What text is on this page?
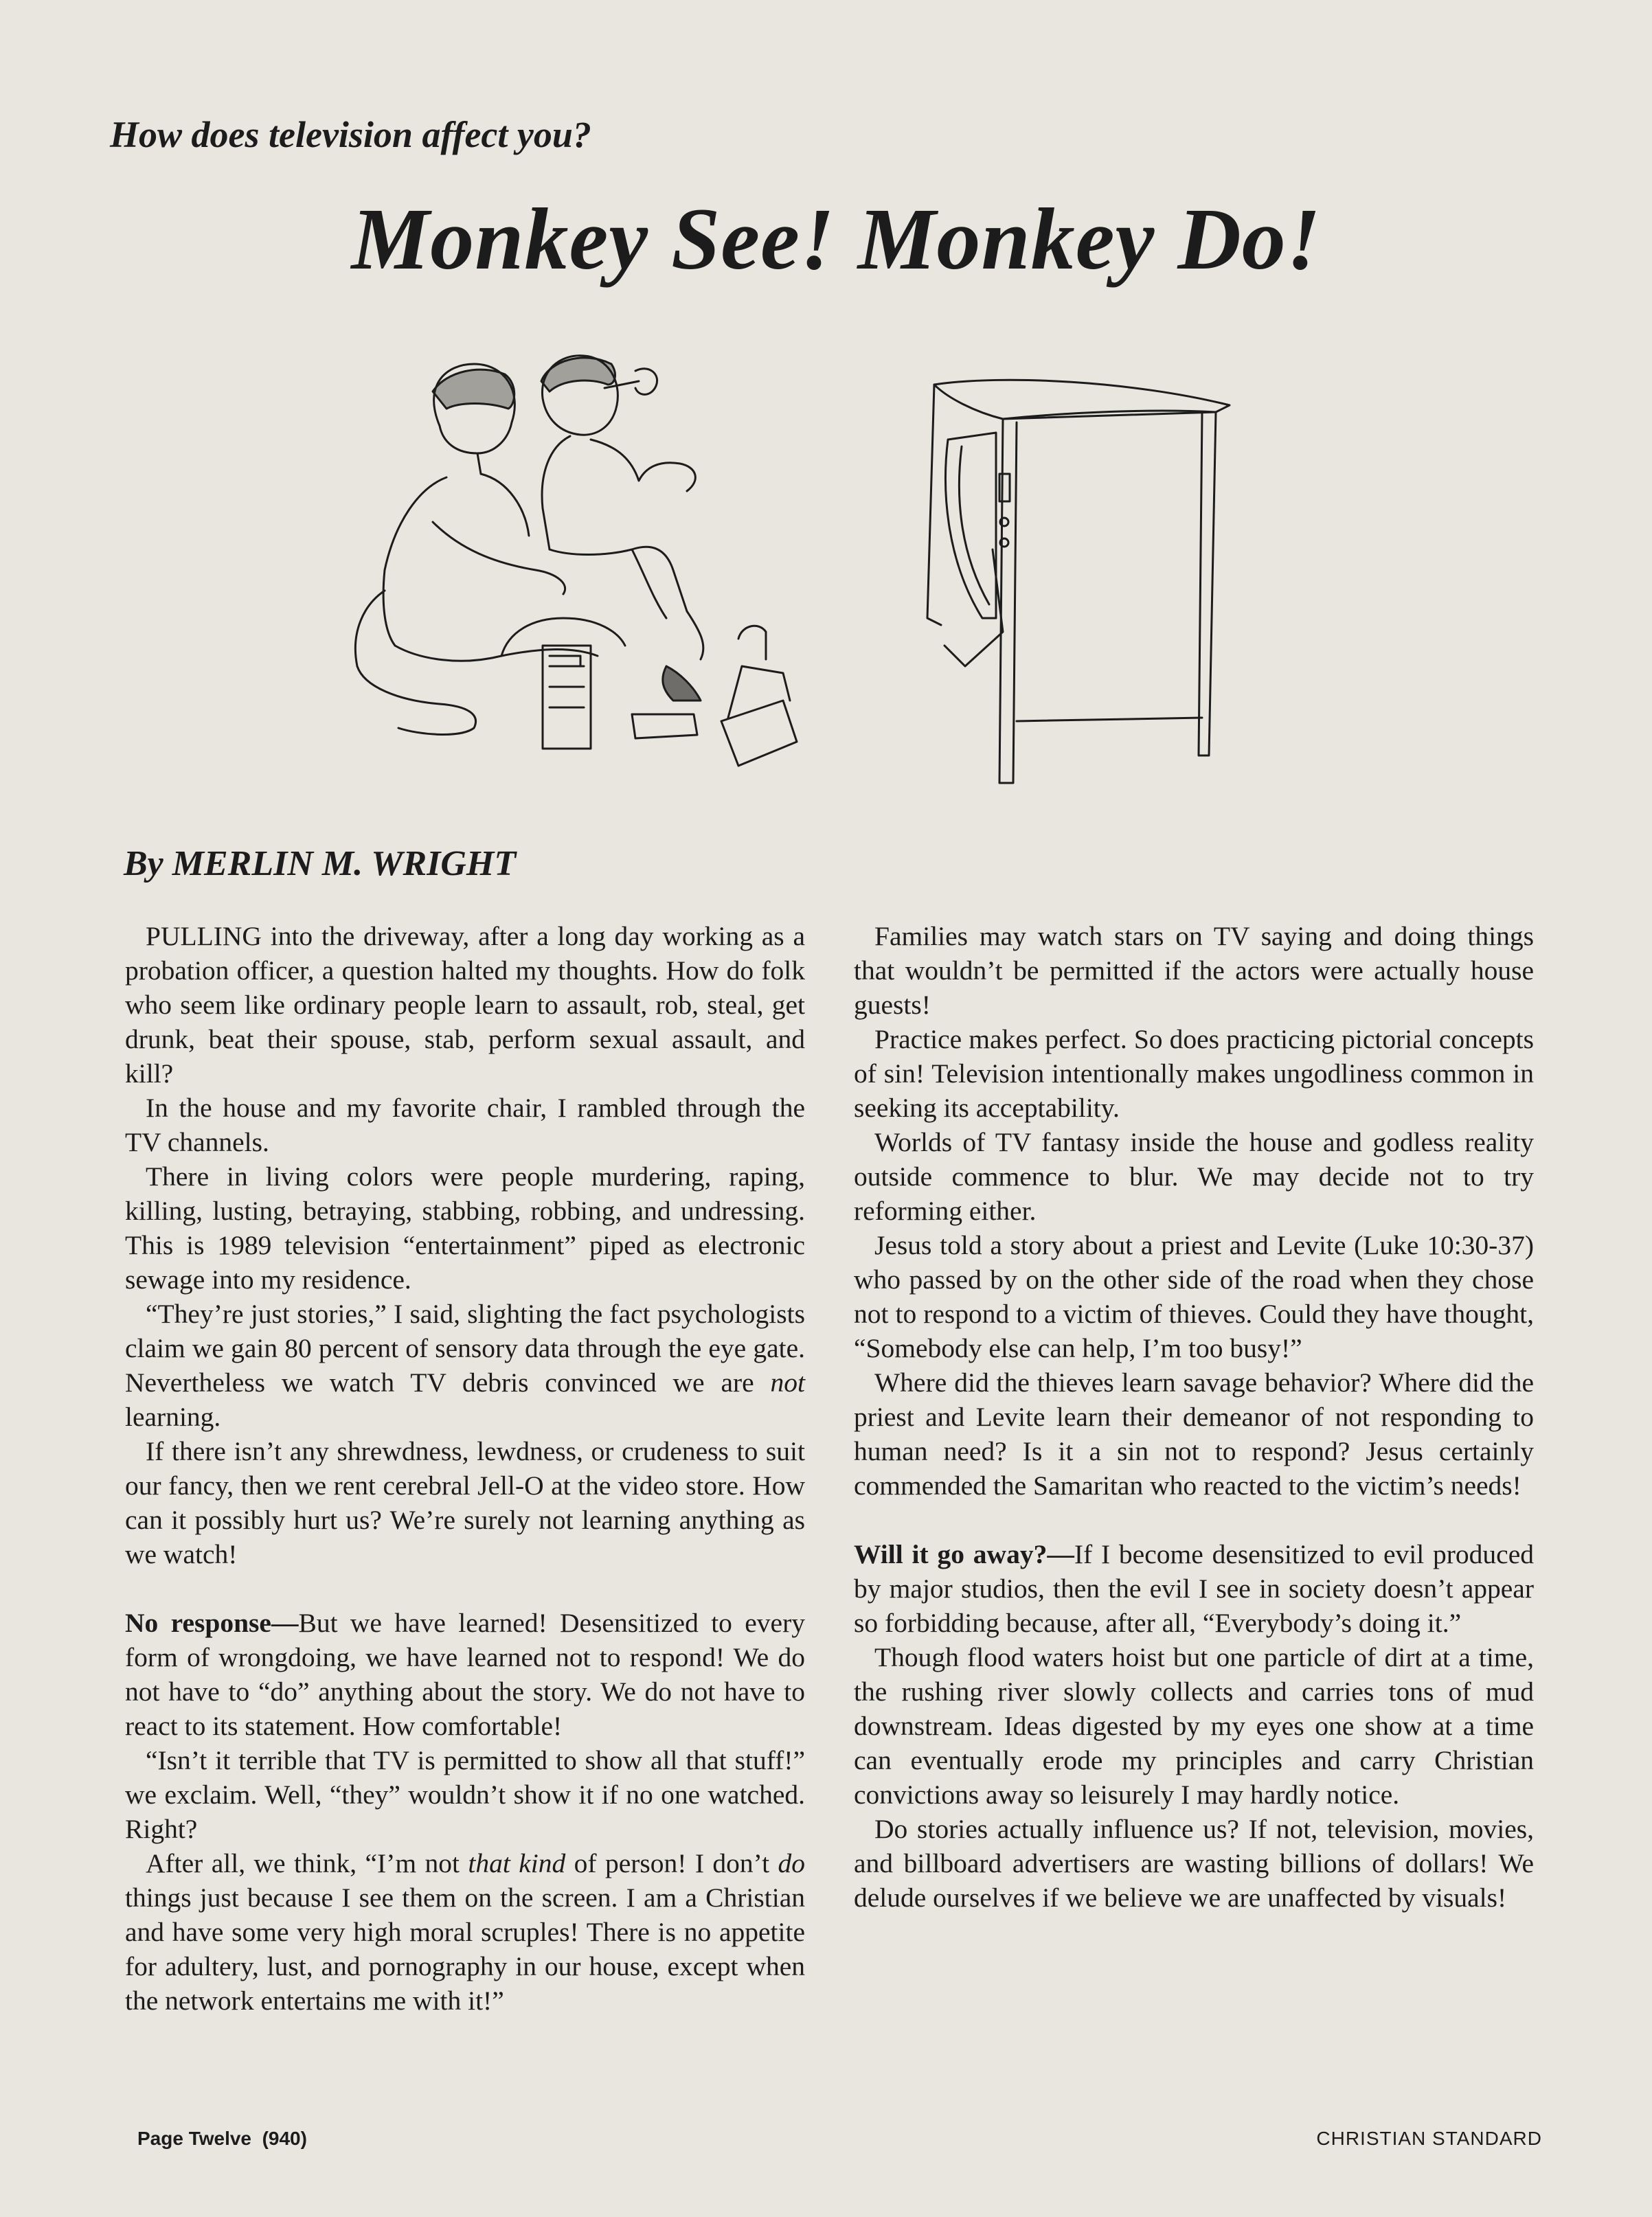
How does television affect you?
Monkey See! Monkey Do!
By MERLIN M. WRIGHT

PULLING into the driveway, after a long day working as a probation officer, a question halted my thoughts. How do folk who seem like ordinary people learn to assault, rob, steal, get drunk, beat their spouse, stab, perform sexual assault, and kill?

In the house and my favorite chair, I rambled through the TV channels.

There in living colors were people murdering, raping, killing, lusting, betraying, stabbing, robbing, and undressing. This is 1989 television “entertainment” piped as electronic sewage into my residence.

“They’re just stories,” I said, slighting the fact psychologists claim we gain 80 percent of sensory data through the eye gate. Nevertheless we watch TV debris convinced we are not learning.

If there isn’t any shrewdness, lewdness, or crudeness to suit our fancy, then we rent cerebral Jell-O at the video store. How can it possibly hurt us? We’re surely not learning anything as we watch!

No response—But we have learned! Desensitized to every form of wrongdoing, we have learned not to respond! We do not have to “do” anything about the story. We do not have to react to its statement. How comfortable!

“Isn’t it terrible that TV is permitted to show all that stuff!” we exclaim. Well, “they” wouldn’t show it if no one watched. Right?

After all, we think, “I’m not that kind of person! I don’t do things just because I see them on the screen. I am a Christian and have some very high moral scruples! There is no appetite for adultery, lust, and pornography in our house, except when the network entertains me with it!”

Families may watch stars on TV saying and doing things that wouldn’t be permitted if the actors were actually house guests!

Practice makes perfect. So does practicing pictorial concepts of sin! Television intentionally makes ungodliness common in seeking its acceptability.

Worlds of TV fantasy inside the house and godless reality outside commence to blur. We may decide not to try reforming either.

Jesus told a story about a priest and Levite (Luke 10:30-37) who passed by on the other side of the road when they chose not to respond to a victim of thieves. Could they have thought, “Somebody else can help, I’m too busy!”

Where did the thieves learn savage behavior? Where did the priest and Levite learn their demeanor of not responding to human need? Is it a sin not to respond? Jesus certainly commended the Samaritan who reacted to the victim’s needs!

Will it go away?—If I become desensitized to evil produced by major studios, then the evil I see in society doesn’t appear so forbidding because, after all, “Everybody’s doing it.”

Though flood waters hoist but one particle of dirt at a time, the rushing river slowly collects and carries tons of mud downstream. Ideas digested by my eyes one show at a time can eventually erode my principles and carry Christian convictions away so leisurely I may hardly notice.

Do stories actually influence us? If not, television, movies, and billboard advertisers are wasting billions of dollars! We delude ourselves if we believe we are unaffected by visuals!

Page Twelve (940)	CHRISTIAN STANDARD
